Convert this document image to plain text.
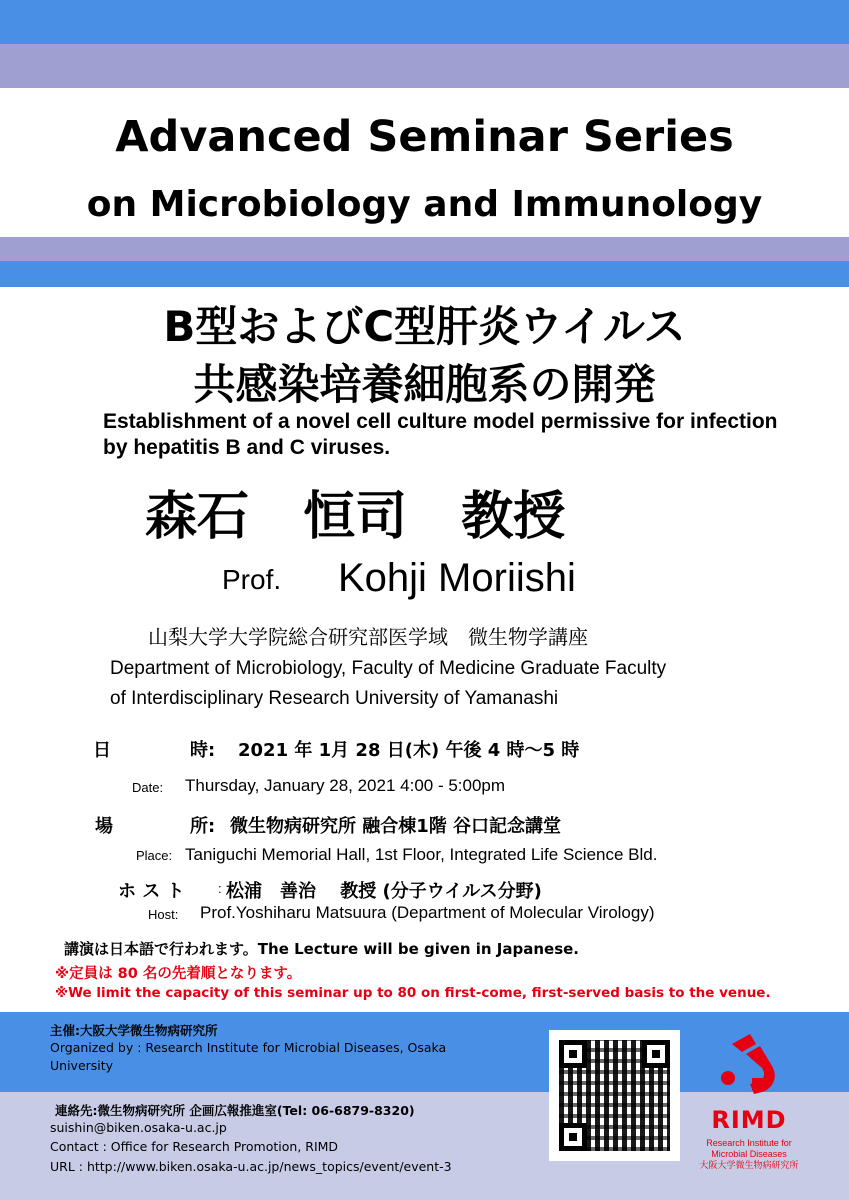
Advanced Seminar Series
on Microbiology and Immunology
B型およびC型肝炎ウイルス
共感染培養細胞系の開発
Establishment of a novel cell culture model permissive for infection
by hepatitis B and C viruses.
森石 恒司 教授
Prof. Kohji Moriishi
山梨大学大学院総合研究部医学域　微生物学講座
Department of Microbiology, Faculty of Medicine Graduate Faculty
of Interdisciplinary Research University of Yamanashi
日	時: 2021 年 1月 28 日(木) 午後 4 時～5 時
Date: Thursday, January 28, 2021 4:00 - 5:00pm
場	所: 微生物病研究所 融合棟1階 谷口記念講堂
Place: Taniguchi Memorial Hall, 1st Floor, Integrated Life Science Bld.
ホ ス ト	: 松浦　善治　 教授 (分子ウイルス分野)
Host: Prof.Yoshiharu Matsuura (Department of Molecular Virology)
講演は日本語で行われます。The Lecture will be given in Japanese.
※定員は 80 名の先着順となります。
※We limit the capacity of this seminar up to 80 on first-come, first-served basis to the venue.
主催:大阪大学微生物病研究所
Organized by : Research Institute for Microbial Diseases, Osaka
University
連絡先:微生物病研究所 企画広報推進室(Tel: 06-6879-8320)
suishin@biken.osaka-u.ac.jp
Contact : Office for Research Promotion, RIMD
URL : http://www.biken.osaka-u.ac.jp/news_topics/event/event-3
RIMD
Research Institute for
Microbial Diseases
大阪大学微生物病研究所
